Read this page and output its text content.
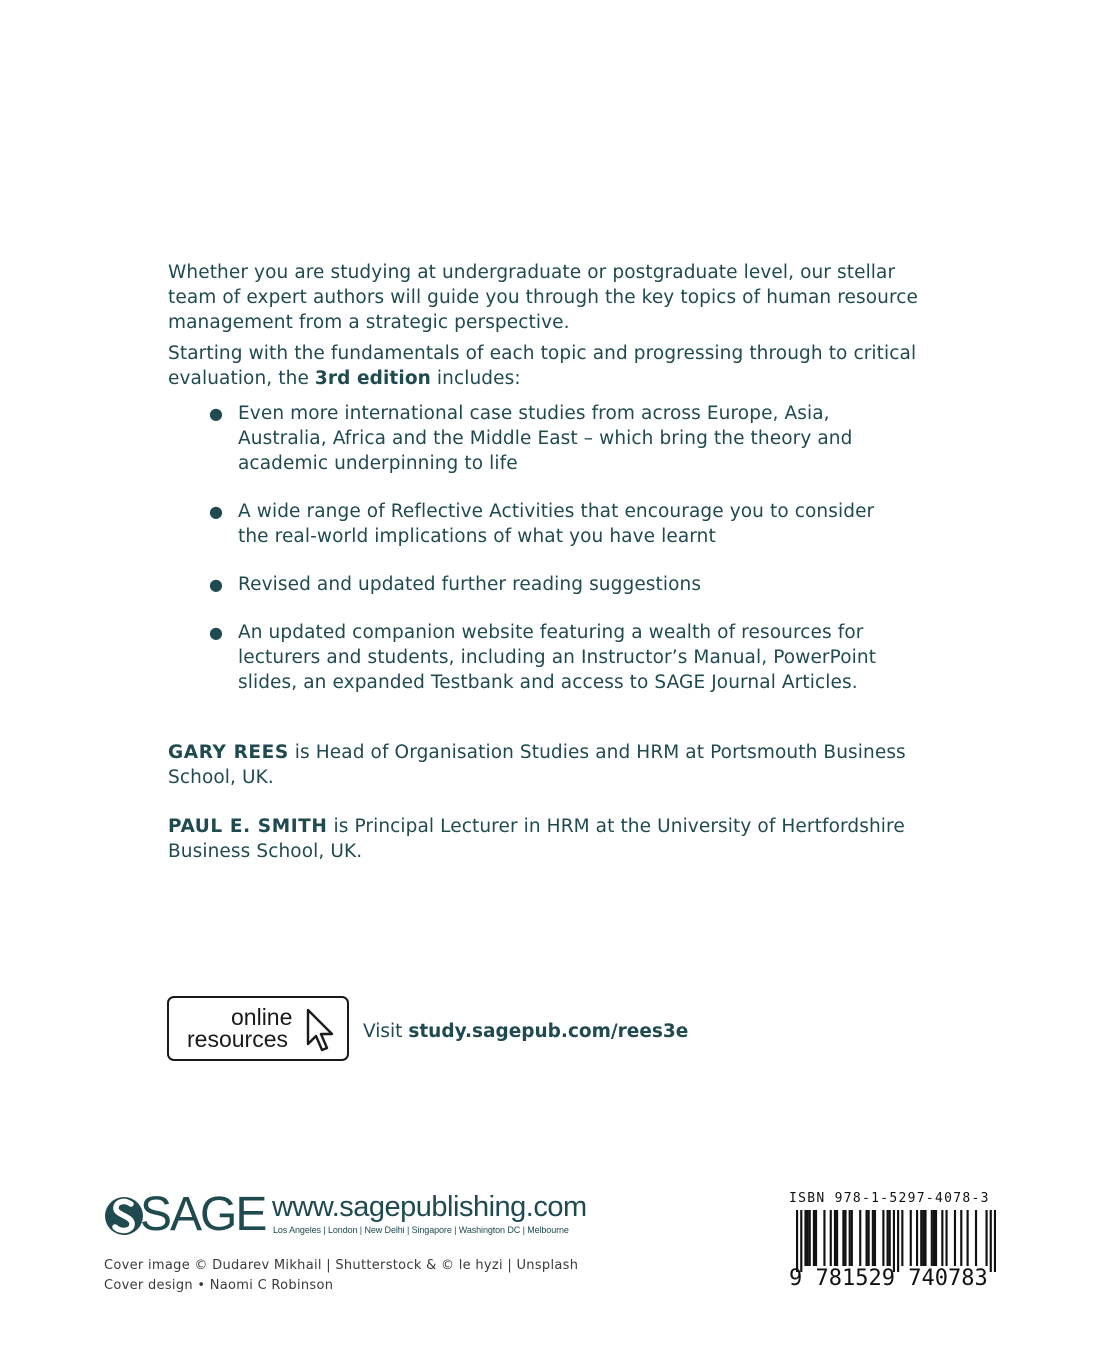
Whether you are studying at undergraduate or postgraduate level, our stellar team of expert authors will guide you through the key topics of human resource management from a strategic perspective.

Starting with the fundamentals of each topic and progressing through to critical evaluation, the 3rd edition includes:

● Even more international case studies from across Europe, Asia, Australia, Africa and the Middle East – which bring the theory and academic underpinning to life
● A wide range of Reflective Activities that encourage you to consider the real-world implications of what you have learnt
● Revised and updated further reading suggestions
● An updated companion website featuring a wealth of resources for lecturers and students, including an Instructor’s Manual, PowerPoint slides, an expanded Testbank and access to SAGE Journal Articles.

GARY REES is Head of Organisation Studies and HRM at Portsmouth Business School, UK.

PAUL E. SMITH is Principal Lecturer in HRM at the University of Hertfordshire Business School, UK.

online
resources	Visit study.sagepub.com/rees3e
SAGE www.sagepublishing.com
Los Angeles | London | New Delhi | Singapore | Washington DC | Melbourne
Cover image © Dudarev Mikhail | Shutterstock & © le hyzi | Unsplash
Cover design • Naomi C Robinson
ISBN 978-1-5297-4078-3
9 781529 740783
